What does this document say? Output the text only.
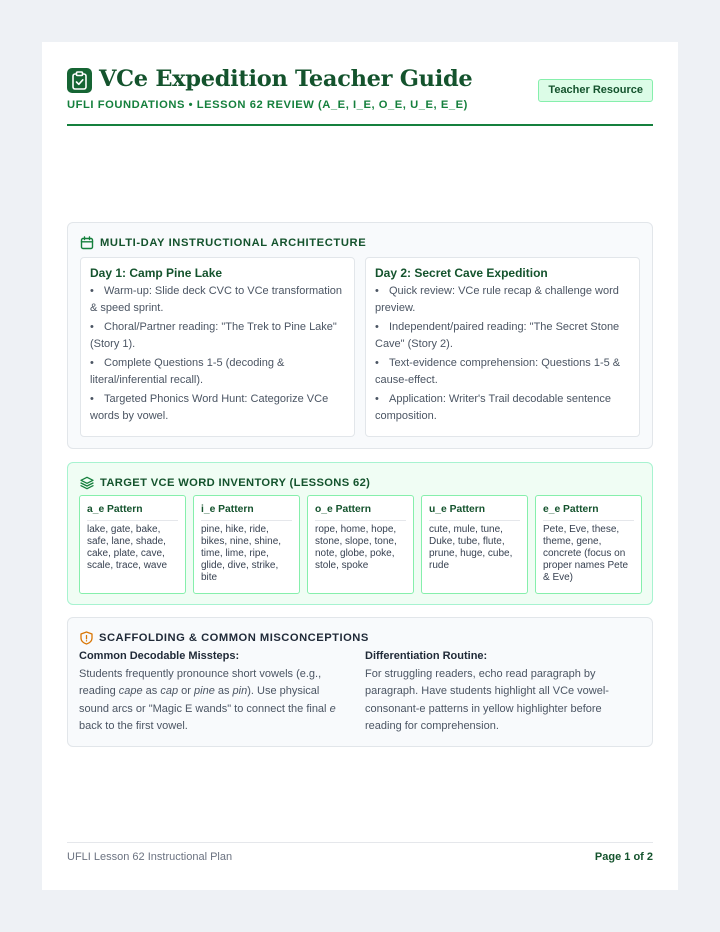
VCe Expedition Teacher Guide
UFLI FOUNDATIONS • LESSON 62 REVIEW (A_E, I_E, O_E, U_E, E_E)
Teacher Resource
MULTI-DAY INSTRUCTIONAL ARCHITECTURE
Day 1: Camp Pine Lake
• Warm-up: Slide deck CVC to VCe transformation & speed sprint.
• Choral/Partner reading: "The Trek to Pine Lake" (Story 1).
• Complete Questions 1-5 (decoding & literal/inferential recall).
• Targeted Phonics Word Hunt: Categorize VCe words by vowel.
Day 2: Secret Cave Expedition
• Quick review: VCe rule recap & challenge word preview.
• Independent/paired reading: "The Secret Stone Cave" (Story 2).
• Text-evidence comprehension: Questions 1-5 & cause-effect.
• Application: Writer's Trail decodable sentence composition.
TARGET VCE WORD INVENTORY (LESSONS 62)
a_e Pattern

lake, gate, bake, safe, lane, shade, cake, plate, cave, scale, trace, wave

i_e Pattern

pine, hike, ride, bikes, nine, shine, time, lime, ripe, glide, dive, strike, bite

o_e Pattern

rope, home, hope, stone, slope, tone, note, globe, poke, stole, spoke

u_e Pattern

cute, mule, tune, Duke, tube, flute, prune, huge, cube, rude

e_e Pattern

Pete, Eve, these, theme, gene, concrete (focus on proper names Pete & Eve)

SCAFFOLDING & COMMON MISCONCEPTIONS
Common Decodable Missteps:

Students frequently pronounce short vowels (e.g., reading cape as cap or pine as pin). Use physical sound arcs or "Magic E wands" to connect the final e back to the first vowel.

Differentiation Routine:

For struggling readers, echo read paragraph by paragraph. Have students highlight all VCe vowel-consonant-e patterns in yellow highlighter before reading for comprehension.

UFLI Lesson 62 Instructional Plan	Page 1 of 2
